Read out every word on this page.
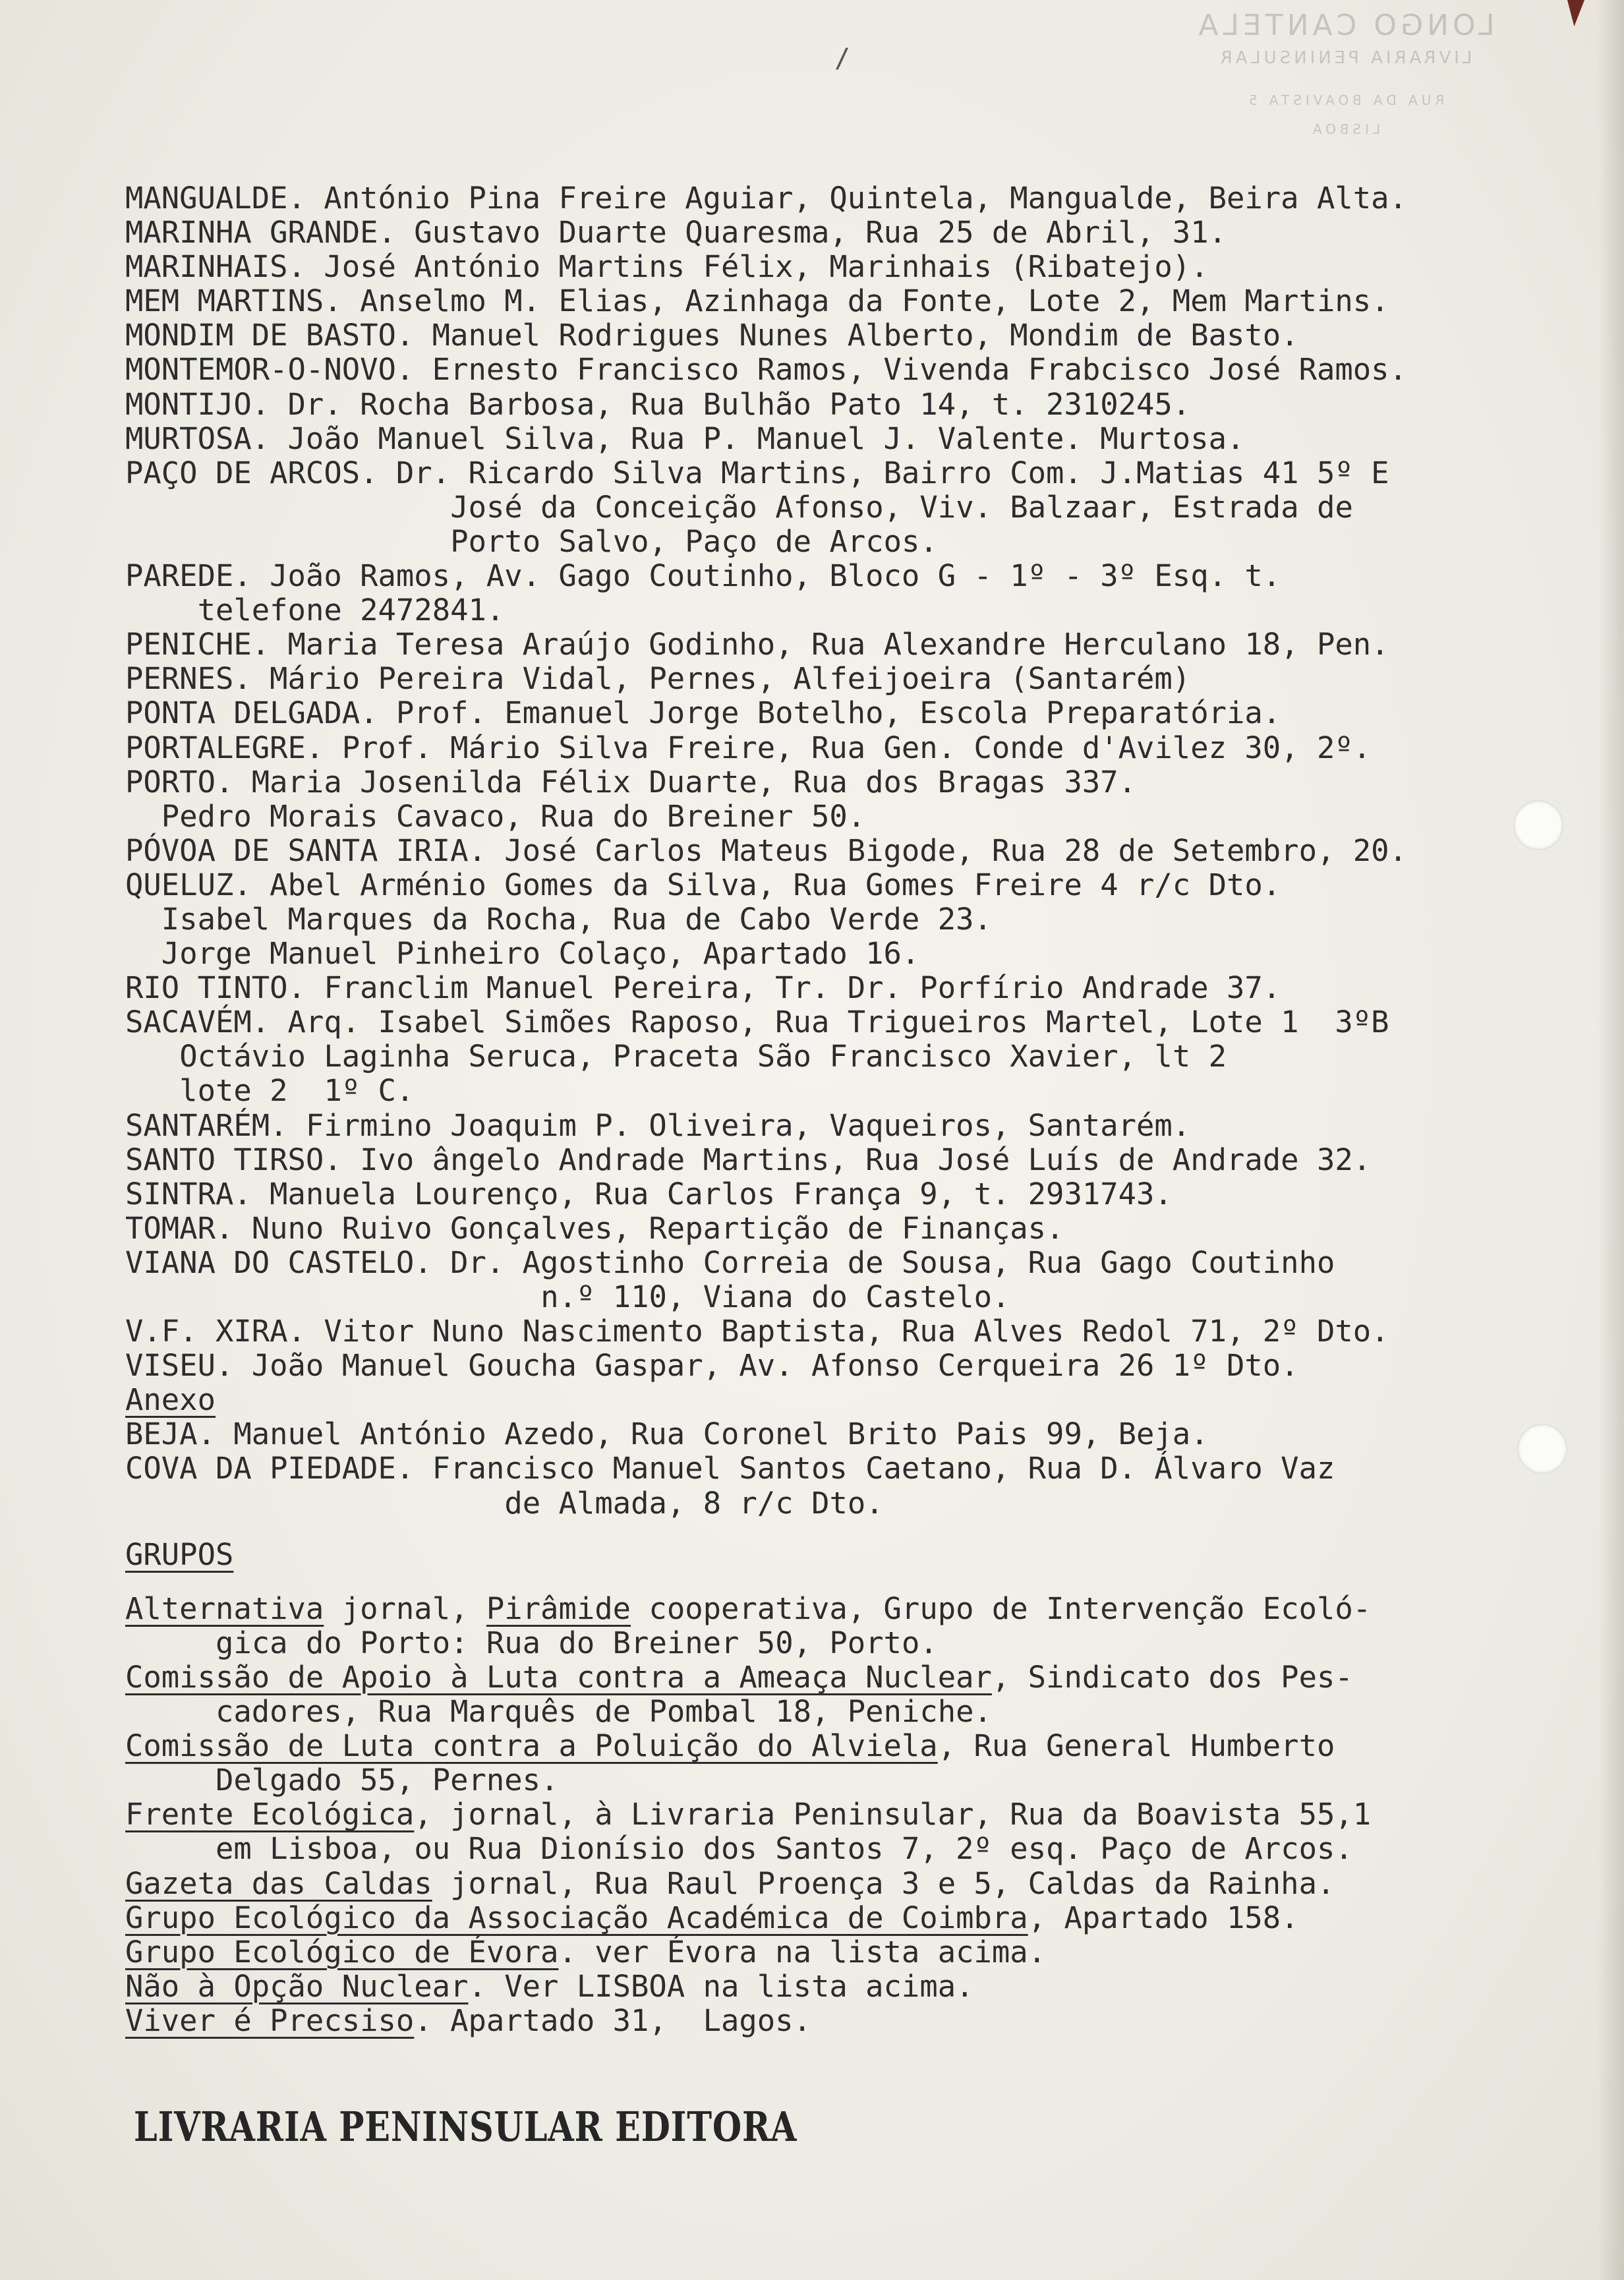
LONGO CANTELA
LIVRARIA PENINSULAR
RUA DA BOAVISTA 5
LISBOA
/
MANGUALDE. António Pina Freire Aguiar, Quintela, Mangualde, Beira Alta.
MARINHA GRANDE. Gustavo Duarte Quaresma, Rua 25 de Abril, 31.
MARINHAIS. José António Martins Félix, Marinhais (Ribatejo).
MEM MARTINS. Anselmo M. Elias, Azinhaga da Fonte, Lote 2, Mem Martins.
MONDIM DE BASTO. Manuel Rodrigues Nunes Alberto, Mondim de Basto.
MONTEMOR-O-NOVO. Ernesto Francisco Ramos, Vivenda Frabcisco José Ramos.
MONTIJO. Dr. Rocha Barbosa, Rua Bulhão Pato 14, t. 2310245.
MURTOSA. João Manuel Silva, Rua P. Manuel J. Valente. Murtosa.
PAÇO DE ARCOS. Dr. Ricardo Silva Martins, Bairro Com. J.Matias 41 5º E
José da Conceição Afonso, Viv. Balzaar, Estrada de
Porto Salvo, Paço de Arcos.
PAREDE. João Ramos, Av. Gago Coutinho, Bloco G - 1º - 3º Esq. t.
telefone 2472841.
PENICHE. Maria Teresa Araújo Godinho, Rua Alexandre Herculano 18, Pen.
PERNES. Mário Pereira Vidal, Pernes, Alfeijoeira (Santarém)
PONTA DELGADA. Prof. Emanuel Jorge Botelho, Escola Preparatória.
PORTALEGRE. Prof. Mário Silva Freire, Rua Gen. Conde d'Avilez 30, 2º.
PORTO. Maria Josenilda Félix Duarte, Rua dos Bragas 337.
Pedro Morais Cavaco, Rua do Breiner 50.
PÓVOA DE SANTA IRIA. José Carlos Mateus Bigode, Rua 28 de Setembro, 20.
QUELUZ. Abel Arménio Gomes da Silva, Rua Gomes Freire 4 r/c Dto.
Isabel Marques da Rocha, Rua de Cabo Verde 23.
Jorge Manuel Pinheiro Colaço, Apartado 16.
RIO TINTO. Franclim Manuel Pereira, Tr. Dr. Porfírio Andrade 37.
SACAVÉM. Arq. Isabel Simões Raposo, Rua Trigueiros Martel, Lote 1  3ºB
Octávio Laginha Seruca, Praceta São Francisco Xavier, lt 2
lote 2  1º C.
SANTARÉM. Firmino Joaquim P. Oliveira, Vaqueiros, Santarém.
SANTO TIRSO. Ivo ângelo Andrade Martins, Rua José Luís de Andrade 32.
SINTRA. Manuela Lourenço, Rua Carlos França 9, t. 2931743.
TOMAR. Nuno Ruivo Gonçalves, Repartição de Finanças.
VIANA DO CASTELO. Dr. Agostinho Correia de Sousa, Rua Gago Coutinho
n.º 110, Viana do Castelo.
V.F. XIRA. Vitor Nuno Nascimento Baptista, Rua Alves Redol 71, 2º Dto.
VISEU. João Manuel Goucha Gaspar, Av. Afonso Cerqueira 26 1º Dto.
Anexo
BEJA. Manuel António Azedo, Rua Coronel Brito Pais 99, Beja.
COVA DA PIEDADE. Francisco Manuel Santos Caetano, Rua D. Álvaro Vaz
de Almada, 8 r/c Dto.
GRUPOS
Alternativa jornal, Pirâmide cooperativa, Grupo de Intervenção Ecoló-
gica do Porto: Rua do Breiner 50, Porto.
Comissão de Apoio à Luta contra a Ameaça Nuclear, Sindicato dos Pes-
cadores, Rua Marquês de Pombal 18, Peniche.
Comissão de Luta contra a Poluição do Alviela, Rua General Humberto
Delgado 55, Pernes.
Frente Ecológica, jornal, à Livraria Peninsular, Rua da Boavista 55,1
em Lisboa, ou Rua Dionísio dos Santos 7, 2º esq. Paço de Arcos.
Gazeta das Caldas jornal, Rua Raul Proença 3 e 5, Caldas da Rainha.
Grupo Ecológico da Associação Académica de Coimbra, Apartado 158.
Grupo Ecológico de Évora. ver Évora na lista acima.
Não à Opção Nuclear. Ver LISBOA na lista acima.
Viver é Precsiso. Apartado 31,  Lagos.
LIVRARIA PENINSULAR EDITORA
